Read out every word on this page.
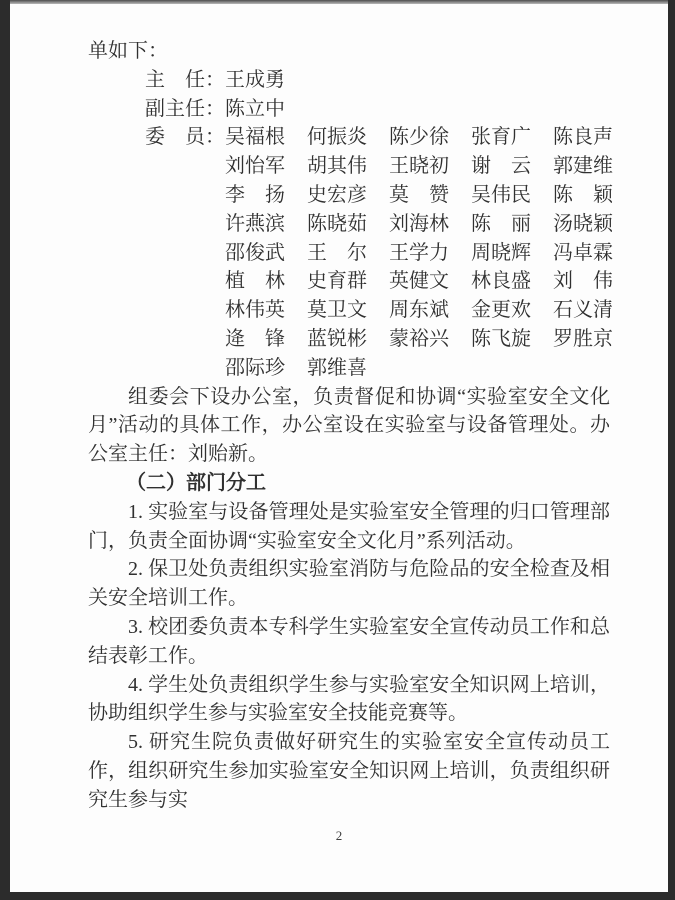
单如下：

主　任： 王成勇
副主任： 陈立中
委　员： 吴福根 何振炎 陈少徐 张育广 陈良声
刘怡军 胡其伟 王晓初 谢　云 郭建维
李　扬 史宏彦 莫　赞 吴伟民 陈　颖
许燕滨 陈晓茹 刘海林 陈　丽 汤晓颖
邵俊武 王　尔 王学力 周晓辉 冯卓霖
植　林 史育群 英健文 林良盛 刘　伟
林伟英 莫卫文 周东斌 金更欢 石义清
逄　锋 蓝锐彬 蒙裕兴 陈飞旋 罗胜京
邵际珍 郭维喜

组委会下设办公室，负责督促和协调“实验室安全文化月”活动的具体工作，办公室设在实验室与设备管理处。办公室主任：刘贻新。

（二）部门分工

1. 实验室与设备管理处是实验室安全管理的归口管理部门，负责全面协调“实验室安全文化月”系列活动。

2. 保卫处负责组织实验室消防与危险品的安全检查及相关安全培训工作。

3. 校团委负责本专科学生实验室安全宣传动员工作和总结表彰工作。

4. 学生处负责组织学生参与实验室安全知识网上培训，协助组织学生参与实验室安全技能竞赛等。

5. 研究生院负责做好研究生的实验室安全宣传动员工作，组织研究生参加实验室安全知识网上培训，负责组织研究生参与实

2
